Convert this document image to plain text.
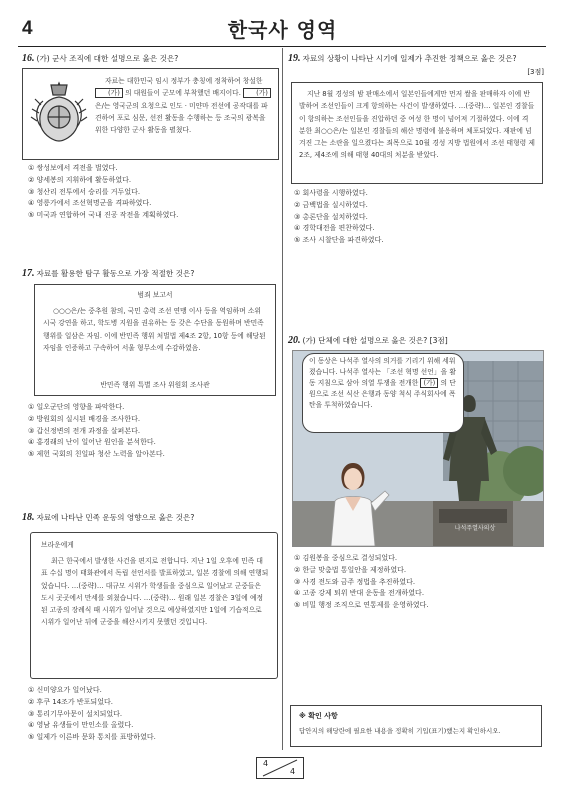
4	한국사 영역
16. (가) 군사 조직에 대한 설명으로 옳은 것은?
자료는 대한민국 임시 정부가 충칭에 정착하여 창설한 (가) 의 대원들이 군모에 부착했던 배지이다. (가)은/는 영국군의 요청으로 인도 · 미얀마 전선에 공작대를 파견하여 포로 심문, 선전 활동을 수행하는 등 조국의 광복을 위한 다양한 군사 활동을 펼쳤다.
① 쌍성보에서 격전을 벌였다.
② 양세봉의 지휘하에 활동하였다.
③ 청산리 전투에서 승리를 거두었다.
④ 영릉가에서 조선혁명군을 격파하였다.
⑤ 미국과 연합하여 국내 진공 작전을 계획하였다.
17. 자료를 활용한 탐구 활동으로 가장 적절한 것은?
범죄 보고서
○○○은/는 중추원 참의, 국민 총력 조선 연맹 이사 등을 역임하며 소위 시국 강연을 하고, 학도병 지원을 권유하는 등 갖은 수단을 동원하며 반민족 행위를 일삼은 자임. 이에 반민족 행위 처벌법 제4조 2항, 10항 등에 해당된 자임을 인증하고 구속하여 서울 형무소에 수감하였음.
반민족 행위 특별 조사 위원회 조사관
① 일오군단의 영향을 파악한다.
② 방원회의 실시된 배경을 조사한다.
③ 갑신정변의 전개 과정을 살펴본다.
④ 홍경래의 난이 일어난 원인을 분석한다.
⑤ 제헌 국회의 친일파 청산 노력을 알아본다.
18. 자료에 나타난 민족 운동의 영향으로 옳은 것은?
브라운에게
최근 한국에서 발생한 사건을 편지로 전합니다. 지난 1일 오후에 민족 대표 수십 명이 태화관에서 독립 선언서를 발표하였고, 일본 경찰에 의해 연행되었습니다. …(중략)… 대규모 시위가 학생들을 중심으로 일어났고 군중들은 도시 곳곳에서 만세를 외쳤습니다. …(중략)… 원래 일본 경찰은 3일에 예정된 고종의 장례식 때 시위가 일어날 것으로 예상하였지만 1일에 기습적으로 시위가 일어난 뒤에 군중을 해산시키지 못했던 것입니다.
① 신미양요가 일어났다.
② 후쿠 14조가 반포되었다.
③ 통리기무아문이 설치되었다.
④ 영남 유생들이 만인소를 올렸다.
⑤ 일제가 이른바 문화 통치를 표방하였다.
19. 자료의 상황이 나타난 시기에 일제가 추진한 정책으로 옳은 것은?
[3점]
지난 8월 경성의 밤 판매소에서 일본인들에게만 먼저 쌀을 판매하자 이에 반발하여 조선인들이 크게 항의하는 사건이 발생하였다. …(중략)… 일본인 경찰들이 항의하는 조선인들을 진압하던 중 여성 한 명이 넘어져 기절하였다. 이에 격분한 최○○은/는 일본인 경찰들의 해산 명령에 불응하며 체포되었다. 재판에 넘겨진 그는 소란을 일으켰다는 죄목으로 10월 경성 지방 법원에서 조선 태형령 제2조, 제4조에 의해 태형 40대의 처분을 받았다.
① 회사령을 시행하였다.
② 금백법을 실시하였다.
③ 총론단을 설치하였다.
④ 경학대전을 편찬하였다.
⑤ 조사 시찰단을 파견하였다.
20. (가) 단체에 대한 설명으로 옳은 것은? [3점]
나석주열사의상
이 동상은 나석주 열사의 의거를 기리기 위해 세워졌습니다. 나석주 열사는 「조선 혁명 선언」을 활동 지침으로 삼아 의열 투쟁을 전개한 (가) 의 단원으로 조선 식산 은행과 동양 척식 주식회사에 폭탄을 투척하였습니다.
① 김원봉을 중심으로 결성되었다.
② 한글 맞춤법 통일안을 제정하였다.
③ 사경 전도와 금주 정법을 추진하였다.
④ 고종 강제 퇴위 반대 운동을 전개하였다.
⑤ 비밀 행정 조직으로 연통제를 운영하였다.
※ 확인 사항
답안지의 해당란에 필요한 내용을 정확히 기입(표기)했는지 확인하시오.
4
4
